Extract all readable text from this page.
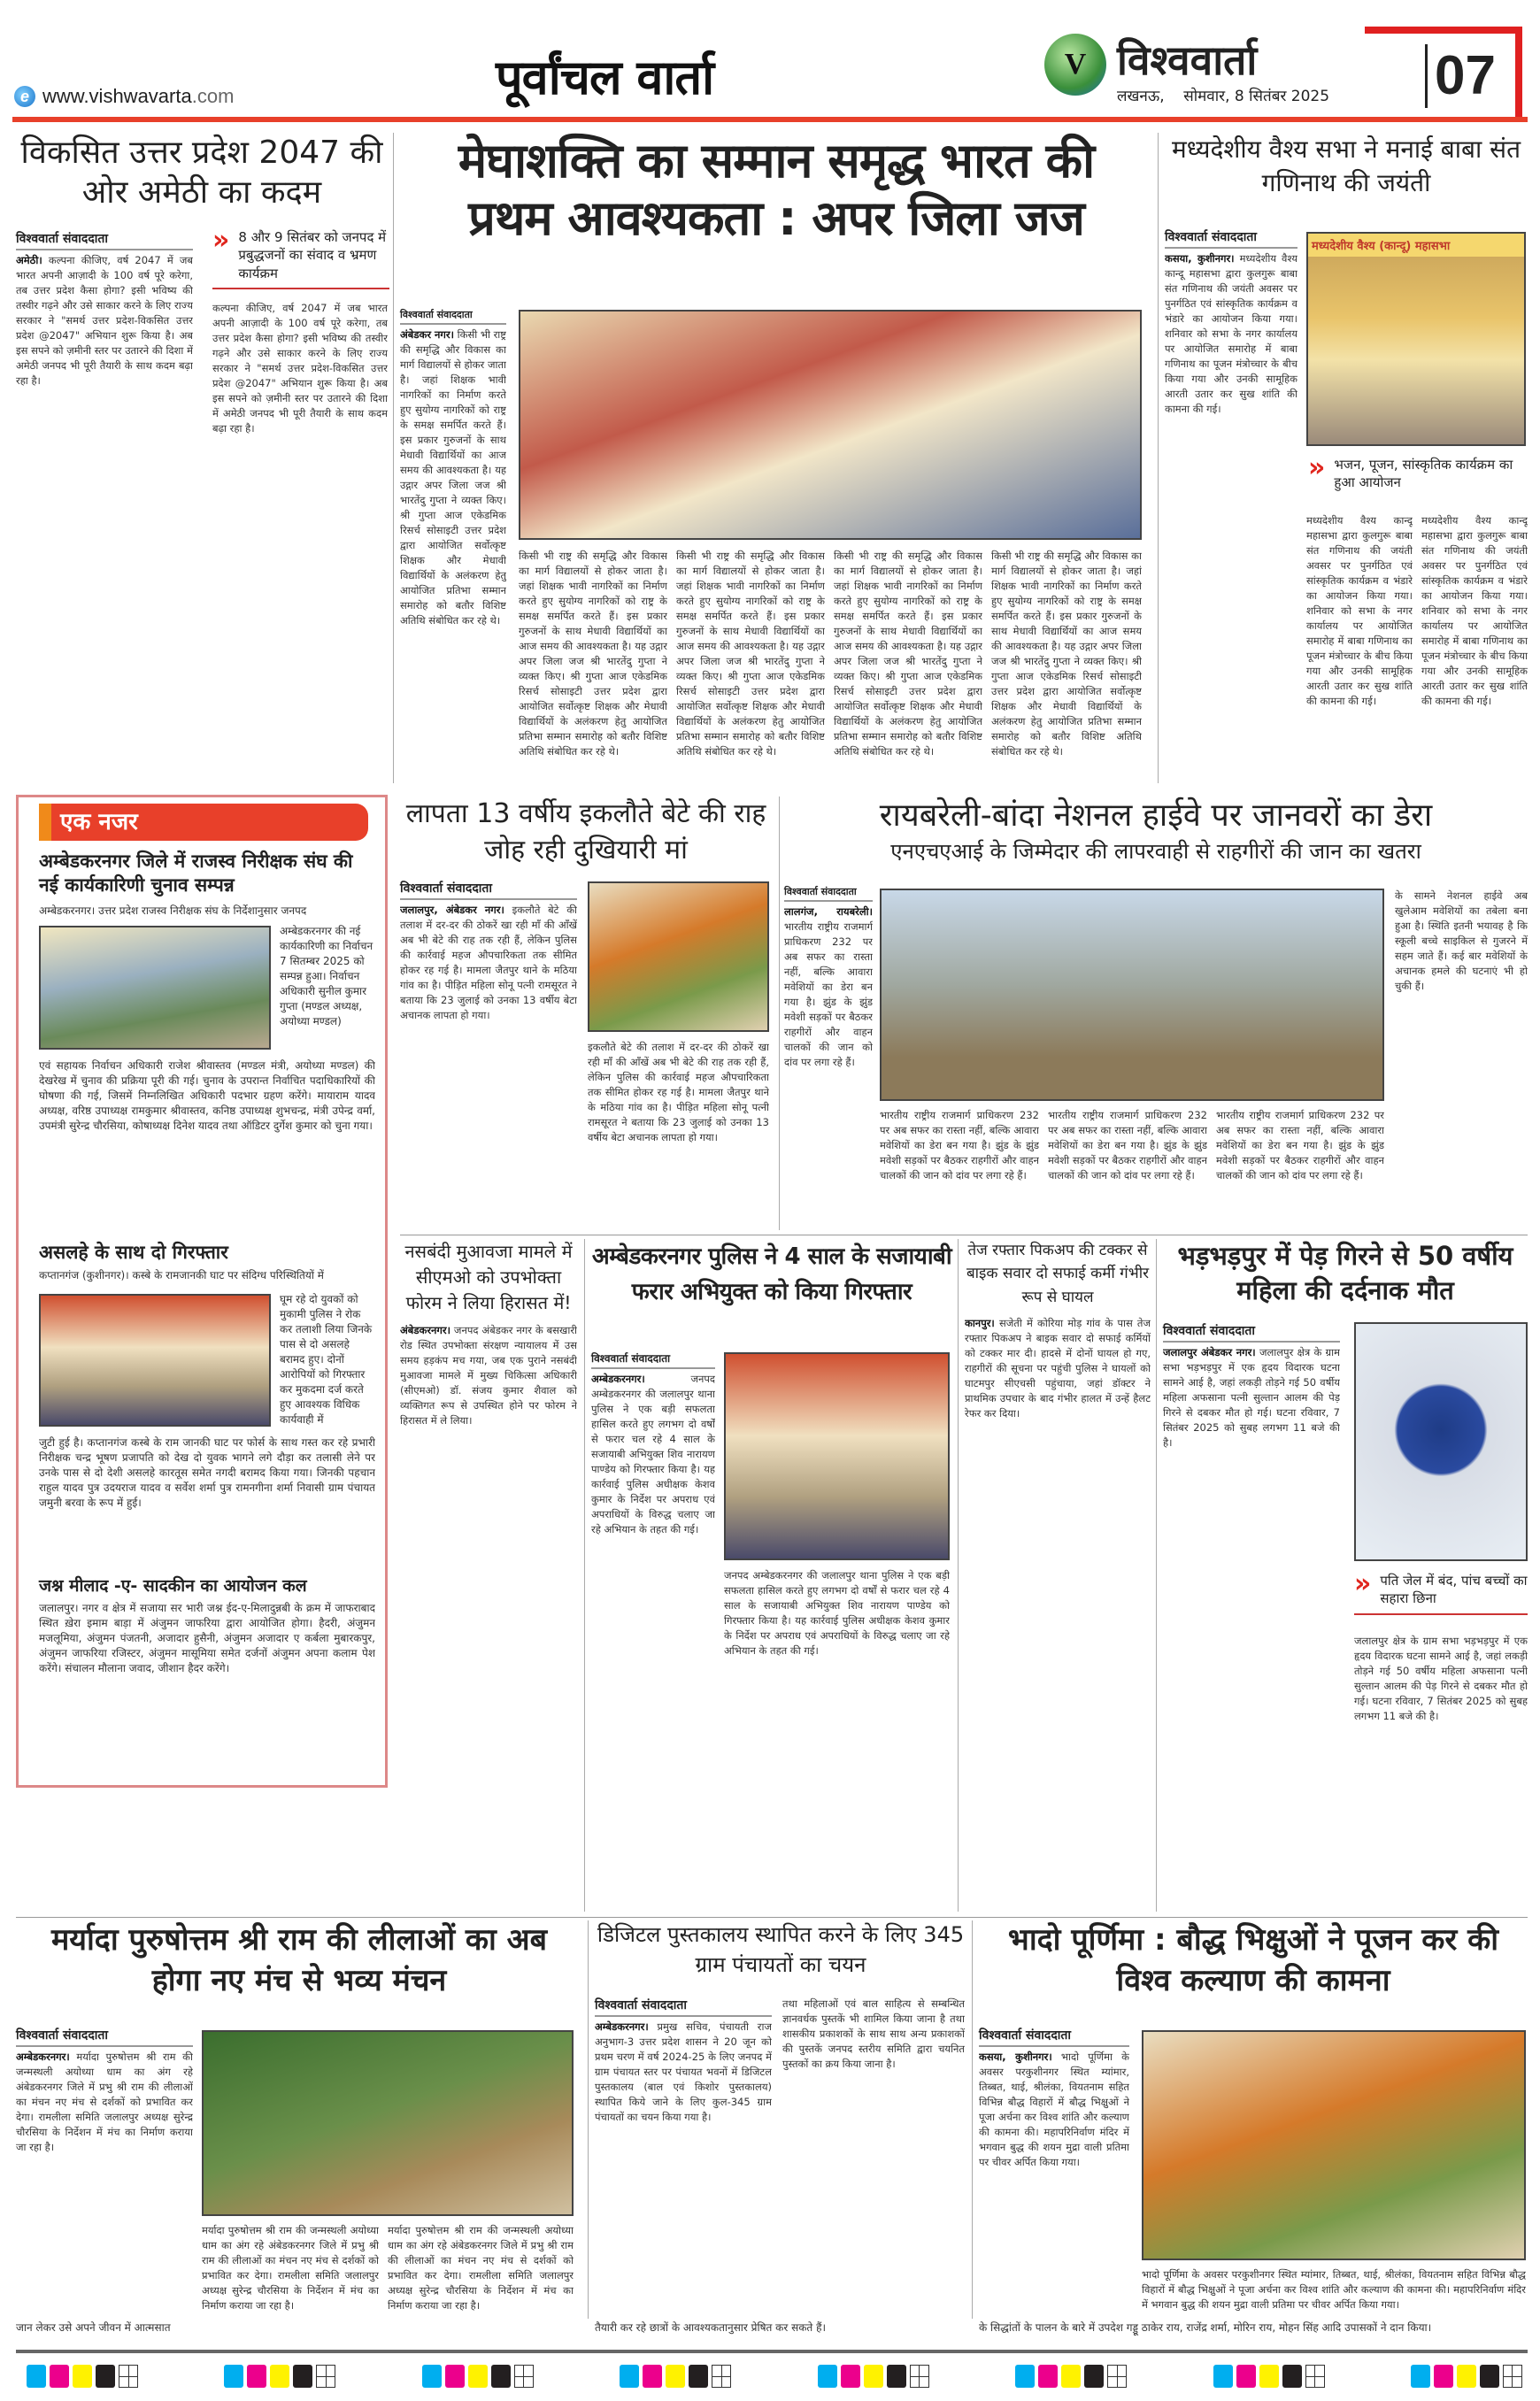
e www.vishwavarta .com	पूर्वांचल वार्ता	V विश्ववार्ता
लखनऊ, सोमवार, 8 सितंबर 2025 07
विकसित उत्तर प्रदेश 2047 की ओर अमेठी का कदम
विश्ववार्ता संवाददाता
अमेठी। कल्पना कीजिए, वर्ष 2047 में जब भारत अपनी आज़ादी के 100 वर्ष पूरे करेगा, तब उत्तर प्रदेश कैसा होगा? इसी भविष्य की तस्वीर गढ़ने और उसे साकार करने के लिए राज्य सरकार ने "समर्थ उत्तर प्रदेश-विकसित उत्तर प्रदेश @2047" अभियान शुरू किया है। अब इस सपने को ज़मीनी स्तर पर उतारने की दिशा में अमेठी जनपद भी पूरी तैयारी के साथ कदम बढ़ा रहा है।
» 8 और 9 सितंबर को जनपद में प्रबुद्धजनों का संवाद व भ्रमण कार्यक्रम
कल्पना कीजिए, वर्ष 2047 में जब भारत अपनी आज़ादी के 100 वर्ष पूरे करेगा, तब उत्तर प्रदेश कैसा होगा? इसी भविष्य की तस्वीर गढ़ने और उसे साकार करने के लिए राज्य सरकार ने "समर्थ उत्तर प्रदेश-विकसित उत्तर प्रदेश @2047" अभियान शुरू किया है। अब इस सपने को ज़मीनी स्तर पर उतारने की दिशा में अमेठी जनपद भी पूरी तैयारी के साथ कदम बढ़ा रहा है।
मेघाशक्ति का सम्मान समृद्ध भारत की प्रथम आवश्यकता : अपर जिला जज
विश्ववार्ता संवाददाता
अंबेडकर नगर। किसी भी राष्ट्र की समृद्धि और विकास का मार्ग विद्यालयों से होकर जाता है। जहां शिक्षक भावी नागरिकों का निर्माण करते हुए सुयोग्य नागरिकों को राष्ट्र के समक्ष समर्पित करते हैं। इस प्रकार गुरुजनों के साथ मेधावी विद्यार्थियों का आज समय की आवश्यकता है। यह उद्गार अपर जिला जज श्री भारतेंदु गुप्ता ने व्यक्त किए। श्री गुप्ता आज एकेडमिक रिसर्च सोसाइटी उत्तर प्रदेश द्वारा आयोजित सर्वोत्कृष्ट शिक्षक और मेधावी विद्यार्थियों के अलंकरण हेतु आयोजित प्रतिभा सम्मान समारोह को बतौर विशिष्ट अतिथि संबोधित कर रहे थे।
किसी भी राष्ट्र की समृद्धि और विकास का मार्ग विद्यालयों से होकर जाता है। जहां शिक्षक भावी नागरिकों का निर्माण करते हुए सुयोग्य नागरिकों को राष्ट्र के समक्ष समर्पित करते हैं। इस प्रकार गुरुजनों के साथ मेधावी विद्यार्थियों का आज समय की आवश्यकता है। यह उद्गार अपर जिला जज श्री भारतेंदु गुप्ता ने व्यक्त किए। श्री गुप्ता आज एकेडमिक रिसर्च सोसाइटी उत्तर प्रदेश द्वारा आयोजित सर्वोत्कृष्ट शिक्षक और मेधावी विद्यार्थियों के अलंकरण हेतु आयोजित प्रतिभा सम्मान समारोह को बतौर विशिष्ट अतिथि संबोधित कर रहे थे।
किसी भी राष्ट्र की समृद्धि और विकास का मार्ग विद्यालयों से होकर जाता है। जहां शिक्षक भावी नागरिकों का निर्माण करते हुए सुयोग्य नागरिकों को राष्ट्र के समक्ष समर्पित करते हैं। इस प्रकार गुरुजनों के साथ मेधावी विद्यार्थियों का आज समय की आवश्यकता है। यह उद्गार अपर जिला जज श्री भारतेंदु गुप्ता ने व्यक्त किए। श्री गुप्ता आज एकेडमिक रिसर्च सोसाइटी उत्तर प्रदेश द्वारा आयोजित सर्वोत्कृष्ट शिक्षक और मेधावी विद्यार्थियों के अलंकरण हेतु आयोजित प्रतिभा सम्मान समारोह को बतौर विशिष्ट अतिथि संबोधित कर रहे थे।
किसी भी राष्ट्र की समृद्धि और विकास का मार्ग विद्यालयों से होकर जाता है। जहां शिक्षक भावी नागरिकों का निर्माण करते हुए सुयोग्य नागरिकों को राष्ट्र के समक्ष समर्पित करते हैं। इस प्रकार गुरुजनों के साथ मेधावी विद्यार्थियों का आज समय की आवश्यकता है। यह उद्गार अपर जिला जज श्री भारतेंदु गुप्ता ने व्यक्त किए। श्री गुप्ता आज एकेडमिक रिसर्च सोसाइटी उत्तर प्रदेश द्वारा आयोजित सर्वोत्कृष्ट शिक्षक और मेधावी विद्यार्थियों के अलंकरण हेतु आयोजित प्रतिभा सम्मान समारोह को बतौर विशिष्ट अतिथि संबोधित कर रहे थे।
किसी भी राष्ट्र की समृद्धि और विकास का मार्ग विद्यालयों से होकर जाता है। जहां शिक्षक भावी नागरिकों का निर्माण करते हुए सुयोग्य नागरिकों को राष्ट्र के समक्ष समर्पित करते हैं। इस प्रकार गुरुजनों के साथ मेधावी विद्यार्थियों का आज समय की आवश्यकता है। यह उद्गार अपर जिला जज श्री भारतेंदु गुप्ता ने व्यक्त किए। श्री गुप्ता आज एकेडमिक रिसर्च सोसाइटी उत्तर प्रदेश द्वारा आयोजित सर्वोत्कृष्ट शिक्षक और मेधावी विद्यार्थियों के अलंकरण हेतु आयोजित प्रतिभा सम्मान समारोह को बतौर विशिष्ट अतिथि संबोधित कर रहे थे।
मध्यदेशीय वैश्य सभा ने मनाई बाबा संत गणिनाथ की जयंती
विश्ववार्ता संवाददाता
कसया, कुशीनगर। मध्यदेशीय वैश्य कान्दू महासभा द्वारा कुलगुरू बाबा संत गणिनाथ की जयंती अवसर पर पुनर्गठित एवं सांस्कृतिक कार्यक्रम व भंडारे का आयोजन किया गया। शनिवार को सभा के नगर कार्यालय पर आयोजित समारोह में बाबा गणिनाथ का पूजन मंत्रोच्चार के बीच किया गया और उनकी सामूहिक आरती उतार कर सुख शांति की कामना की गई।
मध्यदेशीय वैश्य (कान्दू) महासभा
» भजन, पूजन, सांस्कृतिक कार्यक्रम का हुआ आयोजन
मध्यदेशीय वैश्य कान्दू महासभा द्वारा कुलगुरू बाबा संत गणिनाथ की जयंती अवसर पर पुनर्गठित एवं सांस्कृतिक कार्यक्रम व भंडारे का आयोजन किया गया। शनिवार को सभा के नगर कार्यालय पर आयोजित समारोह में बाबा गणिनाथ का पूजन मंत्रोच्चार के बीच किया गया और उनकी सामूहिक आरती उतार कर सुख शांति की कामना की गई।
मध्यदेशीय वैश्य कान्दू महासभा द्वारा कुलगुरू बाबा संत गणिनाथ की जयंती अवसर पर पुनर्गठित एवं सांस्कृतिक कार्यक्रम व भंडारे का आयोजन किया गया। शनिवार को सभा के नगर कार्यालय पर आयोजित समारोह में बाबा गणिनाथ का पूजन मंत्रोच्चार के बीच किया गया और उनकी सामूहिक आरती उतार कर सुख शांति की कामना की गई।
एक नजर
अम्बेडकरनगर जिले में राजस्व निरीक्षक संघ की नई कार्यकारिणी चुनाव सम्पन्न
अम्बेडकरनगर। उत्तर प्रदेश राजस्व निरीक्षक संघ के निर्देशानुसार जनपद
अम्बेडकरनगर की नई कार्यकारिणी का निर्वाचन 7 सितम्बर 2025 को सम्पन्न हुआ। निर्वाचन अधिकारी सुनील कुमार गुप्ता (मण्डल अध्यक्ष, अयोध्या मण्डल)
एवं सहायक निर्वाचन अधिकारी राजेश श्रीवास्तव (मण्डल मंत्री, अयोध्या मण्डल) की देखरेख में चुनाव की प्रक्रिया पूरी की गई। चुनाव के उपरान्त निर्वाचित पदाधिकारियों की घोषणा की गई, जिसमें निम्नलिखित अधिकारी पदभार ग्रहण करेंगे। मायाराम यादव अध्यक्ष, वरिष्ठ उपाध्यक्ष रामकुमार श्रीवास्तव, कनिष्ठ उपाध्यक्ष शुभचन्द्र, मंत्री उपेन्द्र वर्मा, उपमंत्री सुरेन्द्र चौरसिया, कोषाध्यक्ष दिनेश यादव तथा ऑडिटर दुर्गेश कुमार को चुना गया।
असलहे के साथ दो गिरफ्तार
कप्तानगंज (कुशीनगर)। कस्बे के रामजानकी घाट पर संदिग्ध परिस्थितियों में
घूम रहे दो युवकों को मुकामी पुलिस ने रोक कर तलाशी लिया जिनके पास से दो असलहे बरामद हुए। दोनों आरोपियों को गिरफ्तार कर मुकदमा दर्ज करते हुए आवश्यक विधिक कार्यवाही में
जुटी हुई है। कप्तानगंज कस्बे के राम जानकी घाट पर फोर्स के साथ गस्त कर रहे प्रभारी निरीक्षक चन्द्र भूषण प्रजापति को देख दो युवक भागने लगे दौड़ा कर तलासी लेने पर उनके पास से दो देशी असलहे कारतूस समेत नगदी बरामद किया गया। जिनकी पहचान राहुल यादव पुत्र उदयराज यादव व सर्वेश शर्मा पुत्र रामनगीना शर्मा निवासी ग्राम पंचायत जमुनी बरवा के रूप में हुई।
जश्न मीलाद -ए- सादकीन का आयोजन कल
जलालपुर। नगर व क्षेत्र में सजाया सर भारी जश्न ईद-ए-मिलादुन्नबी के क्रम में जाफराबाद स्थित ख़ेरा इमाम बाड़ा में अंजुमन जाफरिया द्वारा आयोजित होगा। हैदरी, अंजुमन मजलूमिया, अंजुमन पंजतनी, अजादार हुसैनी, अंजुमन अजादार ए कर्बला मुबारकपुर, अंजुमन जाफरिया रजिस्टर, अंजुमन मासूमिया समेत दर्जनों अंजुमन अपना कलाम पेश करेंगे। संचालन मौलाना जवाद, जीशान हैदर करेंगे।
लापता 13 वर्षीय इकलौते बेटे की राह जोह रही दुखियारी मां
विश्ववार्ता संवाददाता
जलालपुर, अंबेडकर नगर। इकलौते बेटे की तलाश में दर-दर की ठोकरें खा रही माँ की आँखें अब भी बेटे की राह तक रही हैं, लेकिन पुलिस की कार्रवाई महज औपचारिकता तक सीमित होकर रह गई है। मामला जैतपुर थाने के मठिया गांव का है। पीड़ित महिला सोनू पत्नी रामसूरत ने बताया कि 23 जुलाई को उनका 13 वर्षीय बेटा अचानक लापता हो गया।
इकलौते बेटे की तलाश में दर-दर की ठोकरें खा रही माँ की आँखें अब भी बेटे की राह तक रही हैं, लेकिन पुलिस की कार्रवाई महज औपचारिकता तक सीमित होकर रह गई है। मामला जैतपुर थाने के मठिया गांव का है। पीड़ित महिला सोनू पत्नी रामसूरत ने बताया कि 23 जुलाई को उनका 13 वर्षीय बेटा अचानक लापता हो गया।
रायबरेली-बांदा नेशनल हाईवे पर जानवरों का डेरा
एनएचएआई के जिम्मेदार की लापरवाही से राहगीरों की जान का खतरा
विश्ववार्ता संवाददाता
लालगंज, रायबरेली। भारतीय राष्ट्रीय राजमार्ग प्राधिकरण 232 पर अब सफर का रास्ता नहीं, बल्कि आवारा मवेशियों का डेरा बन गया है। झुंड के झुंड मवेशी सड़कों पर बैठकर राहगीरों और वाहन चालकों की जान को दांव पर लगा रहे हैं।
भारतीय राष्ट्रीय राजमार्ग प्राधिकरण 232 पर अब सफर का रास्ता नहीं, बल्कि आवारा मवेशियों का डेरा बन गया है। झुंड के झुंड मवेशी सड़कों पर बैठकर राहगीरों और वाहन चालकों की जान को दांव पर लगा रहे हैं।
भारतीय राष्ट्रीय राजमार्ग प्राधिकरण 232 पर अब सफर का रास्ता नहीं, बल्कि आवारा मवेशियों का डेरा बन गया है। झुंड के झुंड मवेशी सड़कों पर बैठकर राहगीरों और वाहन चालकों की जान को दांव पर लगा रहे हैं।
भारतीय राष्ट्रीय राजमार्ग प्राधिकरण 232 पर अब सफर का रास्ता नहीं, बल्कि आवारा मवेशियों का डेरा बन गया है। झुंड के झुंड मवेशी सड़कों पर बैठकर राहगीरों और वाहन चालकों की जान को दांव पर लगा रहे हैं।
के सामने नेशनल हाईवे अब खुलेआम मवेशियों का तबेला बना हुआ है। स्थिति इतनी भयावह है कि स्कूली बच्चे साइकिल से गुजरने में सहम जाते हैं। कई बार मवेशियों के अचानक हमले की घटनाएं भी हो चुकी हैं।
नसबंदी मुआवजा मामले में सीएमओ को उपभोक्ता फोरम ने लिया हिरासत में!
अंबेडकरनगर। जनपद अंबेडकर नगर के बसखारी रोड स्थित उपभोक्ता संरक्षण न्यायालय में उस समय हड़कंप मच गया, जब एक पुराने नसबंदी मुआवजा मामले में मुख्य चिकित्सा अधिकारी (सीएमओ) डॉ. संजय कुमार शैवाल को व्यक्तिगत रूप से उपस्थित होने पर फोरम ने हिरासत में ले लिया।
अम्बेडकरनगर पुलिस ने 4 साल के सजायाबी फरार अभियुक्त को किया गिरफ्तार
विश्ववार्ता संवाददाता
अम्बेडकरनगर।	जनपद अम्बेडकरनगर की जलालपुर थाना पुलिस ने एक बड़ी सफलता हासिल करते हुए लगभग दो वर्षों से फरार चल रहे 4 साल के सजायाबी अभियुक्त शिव नारायण पाण्डेय को गिरफ्तार किया है। यह कार्रवाई पुलिस अधीक्षक केशव कुमार के निर्देश पर अपराध एवं अपराधियों के विरुद्ध चलाए जा रहे अभियान के तहत की गई।
जनपद अम्बेडकरनगर की जलालपुर थाना पुलिस ने एक बड़ी सफलता हासिल करते हुए लगभग दो वर्षों से फरार चल रहे 4 साल के सजायाबी अभियुक्त शिव नारायण पाण्डेय को गिरफ्तार किया है। यह कार्रवाई पुलिस अधीक्षक केशव कुमार के निर्देश पर अपराध एवं अपराधियों के विरुद्ध चलाए जा रहे अभियान के तहत की गई।
तेज रफ्तार पिकअप की टक्कर से बाइक सवार दो सफाई कर्मी गंभीर रूप से घायल
कानपुर। सजेती में कोरिया मोड़ गांव के पास तेज रफ्तार पिकअप ने बाइक सवार दो सफाई कर्मियों को टक्कर मार दी। हादसे में दोनों घायल हो गए, राहगीरों की सूचना पर पहुंची पुलिस ने घायलों को घाटमपुर सीएचसी पहुंचाया, जहां डॉक्टर ने प्राथमिक उपचार के बाद गंभीर हालत में उन्हें हैलट रेफर कर दिया।
भड़भड़पुर में पेड़ गिरने से 50 वर्षीय महिला की दर्दनाक मौत
विश्ववार्ता संवाददाता
जलालपुर अंबेडकर नगर। जलालपुर क्षेत्र के ग्राम सभा भड़भड़पुर में एक हृदय विदारक घटना सामने आई है, जहां लकड़ी तोड़ने गई 50 वर्षीय महिला अफसाना पत्नी सुल्तान आलम की पेड़ गिरने से दबकर मौत हो गई। घटना रविवार, 7 सितंबर 2025 को सुबह लगभग 11 बजे की है।
» पति जेल में बंद, पांच बच्चों का सहारा छिना
जलालपुर क्षेत्र के ग्राम सभा भड़भड़पुर में एक हृदय विदारक घटना सामने आई है, जहां लकड़ी तोड़ने गई 50 वर्षीय महिला अफसाना पत्नी सुल्तान आलम की पेड़ गिरने से दबकर मौत हो गई। घटना रविवार, 7 सितंबर 2025 को सुबह लगभग 11 बजे की है।
मर्यादा पुरुषोत्तम श्री राम की लीलाओं का अब होगा नए मंच से भव्य मंचन
विश्ववार्ता संवाददाता
अम्बेडकरनगर। मर्यादा पुरुषोत्तम श्री राम की जन्मस्थली अयोध्या धाम का अंग रहे अंबेडकरनगर जिले में प्रभु श्री राम की लीलाओं का मंचन नए मंच से दर्शकों को प्रभावित कर देगा। रामलीला समिति जलालपुर अध्यक्ष सुरेन्द्र चौरसिया के निर्देशन में मंच का निर्माण कराया जा रहा है।
मर्यादा पुरुषोत्तम श्री राम की जन्मस्थली अयोध्या धाम का अंग रहे अंबेडकरनगर जिले में प्रभु श्री राम की लीलाओं का मंचन नए मंच से दर्शकों को प्रभावित कर देगा। रामलीला समिति जलालपुर अध्यक्ष सुरेन्द्र चौरसिया के निर्देशन में मंच का निर्माण कराया जा रहा है।
मर्यादा पुरुषोत्तम श्री राम की जन्मस्थली अयोध्या धाम का अंग रहे अंबेडकरनगर जिले में प्रभु श्री राम की लीलाओं का मंचन नए मंच से दर्शकों को प्रभावित कर देगा। रामलीला समिति जलालपुर अध्यक्ष सुरेन्द्र चौरसिया के निर्देशन में मंच का निर्माण कराया जा रहा है।
डिजिटल पुस्तकालय स्थापित करने के लिए 345 ग्राम पंचायतों का चयन
विश्ववार्ता संवाददाता
अम्बेडकरनगर। प्रमुख सचिव, पंचायती राज अनुभाग-3 उत्तर प्रदेश शासन ने 20 जून को प्रथम चरण में वर्ष 2024-25 के लिए जनपद में ग्राम पंचायत स्तर पर पंचायत भवनों में डिजिटल पुस्तकालय (बाल एवं किशोर पुस्तकालय) स्थापित किये जाने के लिए कुल-345 ग्राम पंचायतों का चयन किया गया है।
तथा महिलाओं एवं बाल साहित्य से सम्बन्धित ज्ञानवर्धक पुस्तकें भी शामिल किया जाना है तथा शासकीय प्रकाशकों के साथ साथ अन्य प्रकाशकों की पुस्तकें जनपद स्तरीय समिति द्वारा चयनित पुस्तकों का क्रय किया जाना है।
भादो पूर्णिमा : बौद्ध भिक्षुओं ने पूजन कर की विश्व कल्याण की कामना
विश्ववार्ता संवाददाता
कसया, कुशीनगर। भादो पूर्णिमा के अवसर परकुशीनगर स्थित म्यांमार, तिब्बत, थाई, श्रीलंका, वियतनाम सहित विभिन्न बौद्ध विहारों में बौद्ध भिक्षुओं ने पूजा अर्चना कर विश्व शांति और कल्याण की कामना की। महापरिनिर्वाण मंदिर में भगवान बुद्ध की शयन मुद्रा वाली प्रतिमा पर चीवर अर्पित किया गया।
भादो पूर्णिमा के अवसर परकुशीनगर स्थित म्यांमार, तिब्बत, थाई, श्रीलंका, वियतनाम सहित विभिन्न बौद्ध विहारों में बौद्ध भिक्षुओं ने पूजा अर्चना कर विश्व शांति और कल्याण की कामना की। महापरिनिर्वाण मंदिर में भगवान बुद्ध की शयन मुद्रा वाली प्रतिमा पर चीवर अर्पित किया गया।
जान लेकर उसे अपने जीवन में आत्मसात	तैयारी कर रहे छात्रों के आवश्यकतानुसार प्रेषित कर सकते हैं।	के सिद्धांतों के पालन के बारे में उपदेश गड्डू ठाकेर राय, राजेंद्र शर्मा, मोरिन राय, मोहन सिंह आदि उपासकों ने दान किया।
